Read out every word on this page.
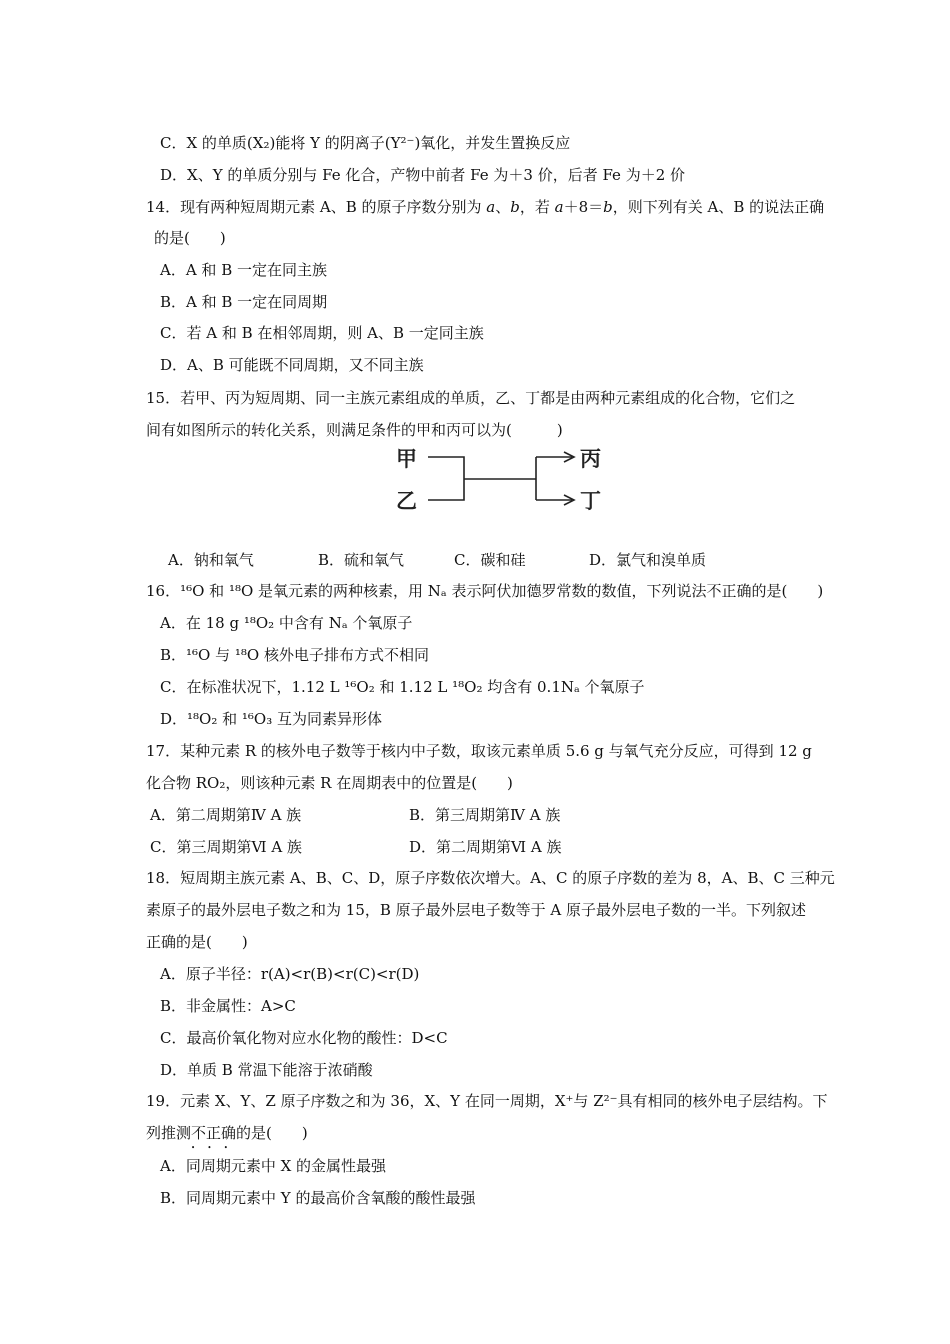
C．X 的单质(X₂)能将 Y 的阴离子(Y²⁻)氧化，并发生置换反应
D．X、Y 的单质分别与 Fe 化合，产物中前者 Fe 为＋3 价，后者 Fe 为＋2 价
14．现有两种短周期元素 A、B 的原子序数分别为 a、b，若 a＋8＝b，则下列有关 A、B 的说法正确
的是(　　)
A．A 和 B 一定在同主族
B．A 和 B 一定在同周期
C．若 A 和 B 在相邻周期，则 A、B 一定同主族
D．A、B 可能既不同周期，又不同主族
15．若甲、丙为短周期、同一主族元素组成的单质，乙、丁都是由两种元素组成的化合物，它们之
间有如图所示的转化关系，则满足条件的甲和丙可以为(　　　)
甲
乙
丙
丁
A．钠和氧气	B．硫和氧气	C．碳和硅	D．氯气和溴单质
16．¹⁶O 和 ¹⁸O 是氧元素的两种核素，用 Nₐ 表示阿伏加德罗常数的数值，下列说法不正确的是(　　)
A．在 18 g ¹⁸O₂ 中含有 Nₐ 个氧原子
B．¹⁶O 与 ¹⁸O 核外电子排布方式不相同
C．在标准状况下，1.12 L ¹⁶O₂ 和 1.12 L ¹⁸O₂ 均含有 0.1Nₐ 个氧原子
D．¹⁸O₂ 和 ¹⁶O₃ 互为同素异形体
17．某种元素 R 的核外电子数等于核内中子数，取该元素单质 5.6 g 与氧气充分反应，可得到 12 g
化合物 RO₂，则该种元素 R 在周期表中的位置是(　　)
A．第二周期第Ⅳ A 族	B．第三周期第Ⅳ A 族
C．第三周期第Ⅵ A 族	D．第二周期第Ⅵ A 族
18．短周期主族元素 A、B、C、D，原子序数依次增大。A、C 的原子序数的差为 8，A、B、C 三种元
素原子的最外层电子数之和为 15，B 原子最外层电子数等于 A 原子最外层电子数的一半。下列叙述
正确的是(　　)
A．原子半径：r(A)<r(B)<r(C)<r(D)
B．非金属性：A>C
C．最高价氧化物对应水化物的酸性：D<C
D．单质 B 常温下能溶于浓硝酸
19．元素 X、Y、Z 原子序数之和为 36，X、Y 在同一周期，X⁺与 Z²⁻具有相同的核外电子层结构。下
列推测不正确 • • •的是(　　)
A．同周期元素中 X 的金属性最强
B．同周期元素中 Y 的最高价含氧酸的酸性最强
